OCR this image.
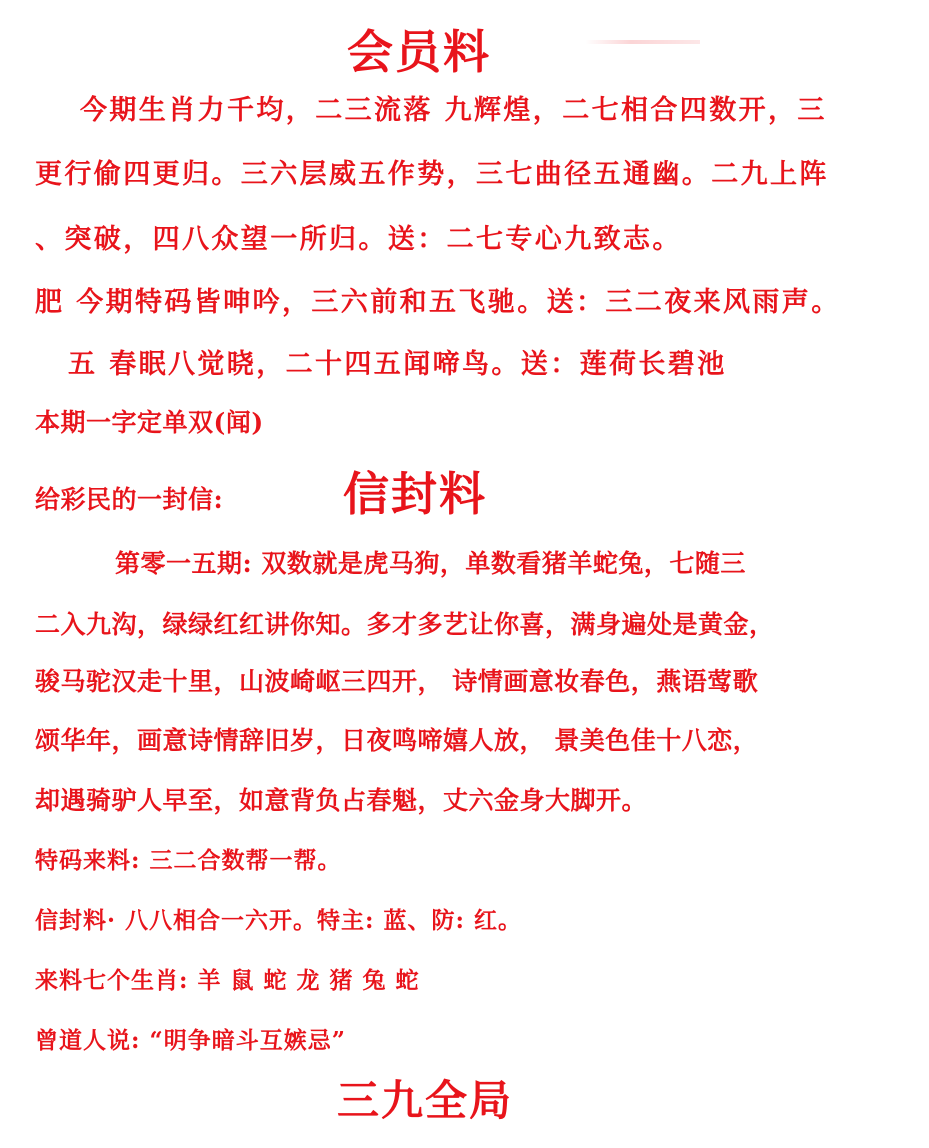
会员料
今期生肖力千均，二三流落 九辉煌，二七相合四数开，三
更行偷四更归。三六层威五作势，三七曲径五通幽。二九上阵
、突破，四八众望一所归。送：二七专心九致志。
肥 今期特码皆呻吟，三六前和五飞驰。送：三二夜来风雨声。
五 春眠八觉晓，二十四五闻啼鸟。送：莲荷长碧池
本期一字定单双(闻)
给彩民的一封信:	信封料
第零一五期: 双数就是虎马狗，单数看猪羊蛇兔，七随三
二入九沟，绿绿红红讲你知。多才多艺让你喜，满身遍处是黄金，
骏马驼汉走十里，山波崎岖三四开， 诗情画意妆春色，燕语莺歌
颂华年，画意诗情辞旧岁，日夜鸣啼嬉人放， 景美色佳十八恋，
却遇骑驴人早至，如意背负占春魁，丈六金身大脚开。
特码来料: 三二合数帮一帮。
信封料· 八八相合一六开。特主: 蓝、防: 红。
来料七个生肖: 羊 鼠 蛇 龙 猪 兔 蛇
曾道人说: “明争暗斗互嫉忌”
三九全局
